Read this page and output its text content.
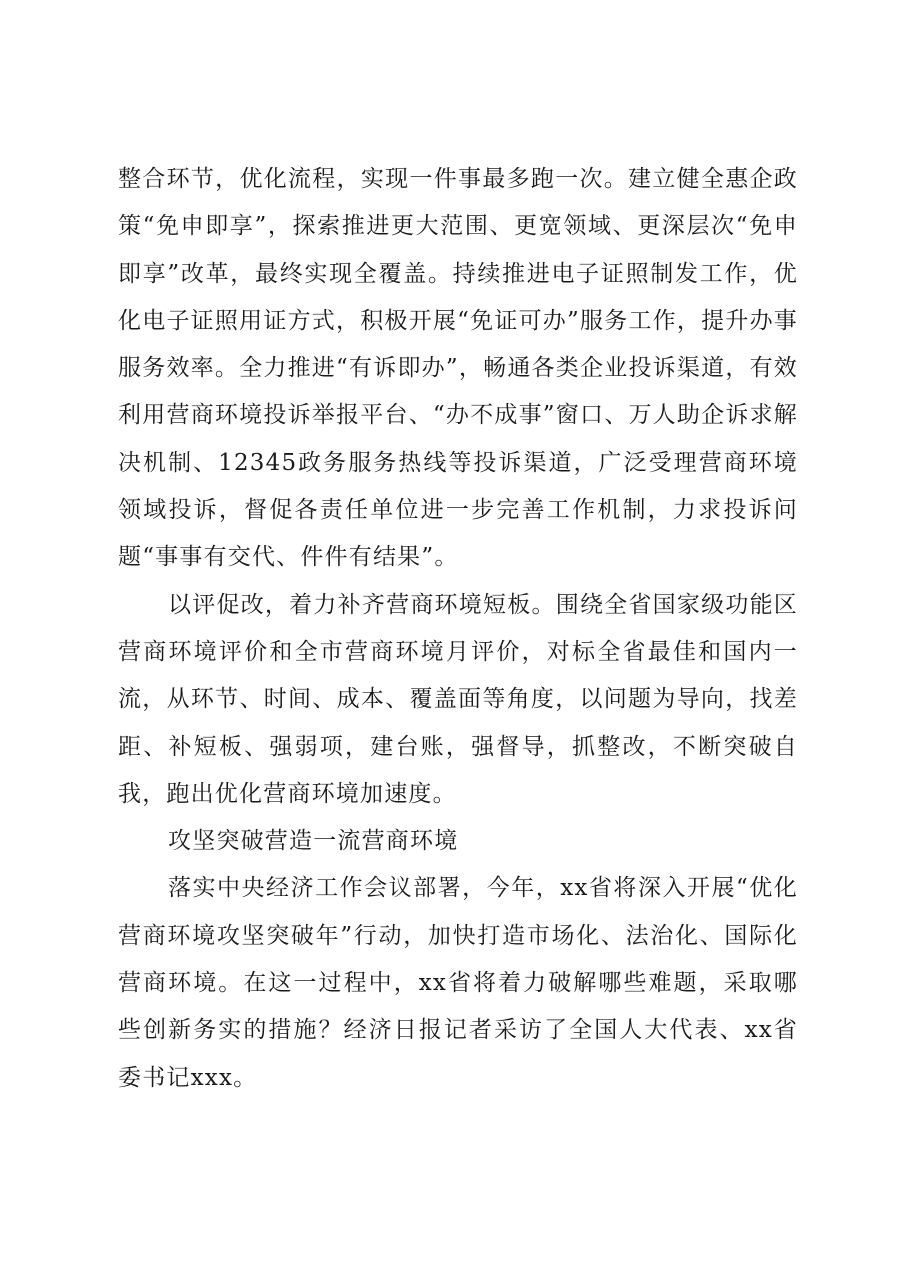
整合环节，优化流程，实现一件事最多跑一次。建立健全惠企政策“免申即享”，探索推进更大范围、更宽领域、更深层次“免申即享”改革，最终实现全覆盖。持续推进电子证照制发工作，优化电子证照用证方式，积极开展“免证可办”服务工作，提升办事服务效率。全力推进“有诉即办”，畅通各类企业投诉渠道，有效利用营商环境投诉举报平台、“办不成事”窗口、万人助企诉求解决机制、12345政务服务热线等投诉渠道，广泛受理营商环境领域投诉，督促各责任单位进一步完善工作机制，力求投诉问题“事事有交代、件件有结果”。

以评促改，着力补齐营商环境短板。围绕全省国家级功能区营商环境评价和全市营商环境月评价，对标全省最佳和国内一流，从环节、时间、成本、覆盖面等角度，以问题为导向，找差距、补短板、强弱项，建台账，强督导，抓整改，不断突破自我，跑出优化营商环境加速度。

攻坚突破营造一流营商环境

落实中央经济工作会议部署，今年，xx省将深入开展“优化营商环境攻坚突破年”行动，加快打造市场化、法治化、国际化营商环境。在这一过程中，xx省将着力破解哪些难题，采取哪些创新务实的措施？经济日报记者采访了全国人大代表、xx省委书记xxx。
